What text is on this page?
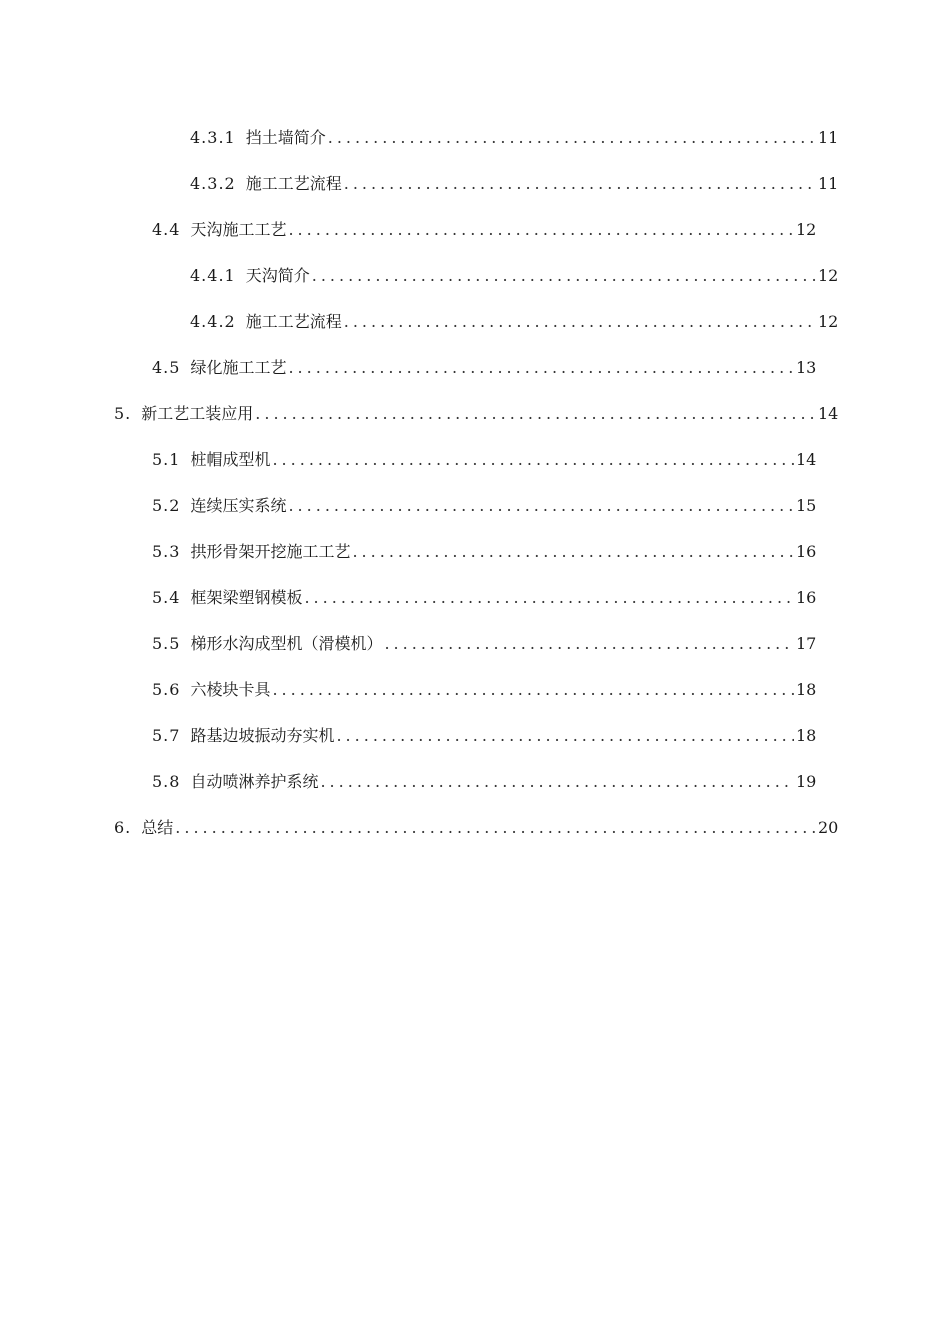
4.3.1 挡土墙简介 .....	11
4.3.2 施工工艺流程 .....	11
4.4 天沟施工工艺 .....	12
4.4.1 天沟简介 .....	12
4.4.2 施工工艺流程 .....	12
4.5 绿化施工工艺 .....	13
5. 新工艺工装应用 .....	14
5.1 桩帽成型机 .....	14
5.2 连续压实系统 .....	15
5.3 拱形骨架开挖施工工艺 .....	16
5.4 框架梁塑钢模板 .....	16
5.5 梯形水沟成型机（滑模机） .....	17
5.6 六棱块卡具 .....	18
5.7 路基边坡振动夯实机 .....	18
5.8 自动喷淋养护系统 .....	19
6. 总结 .....	20
